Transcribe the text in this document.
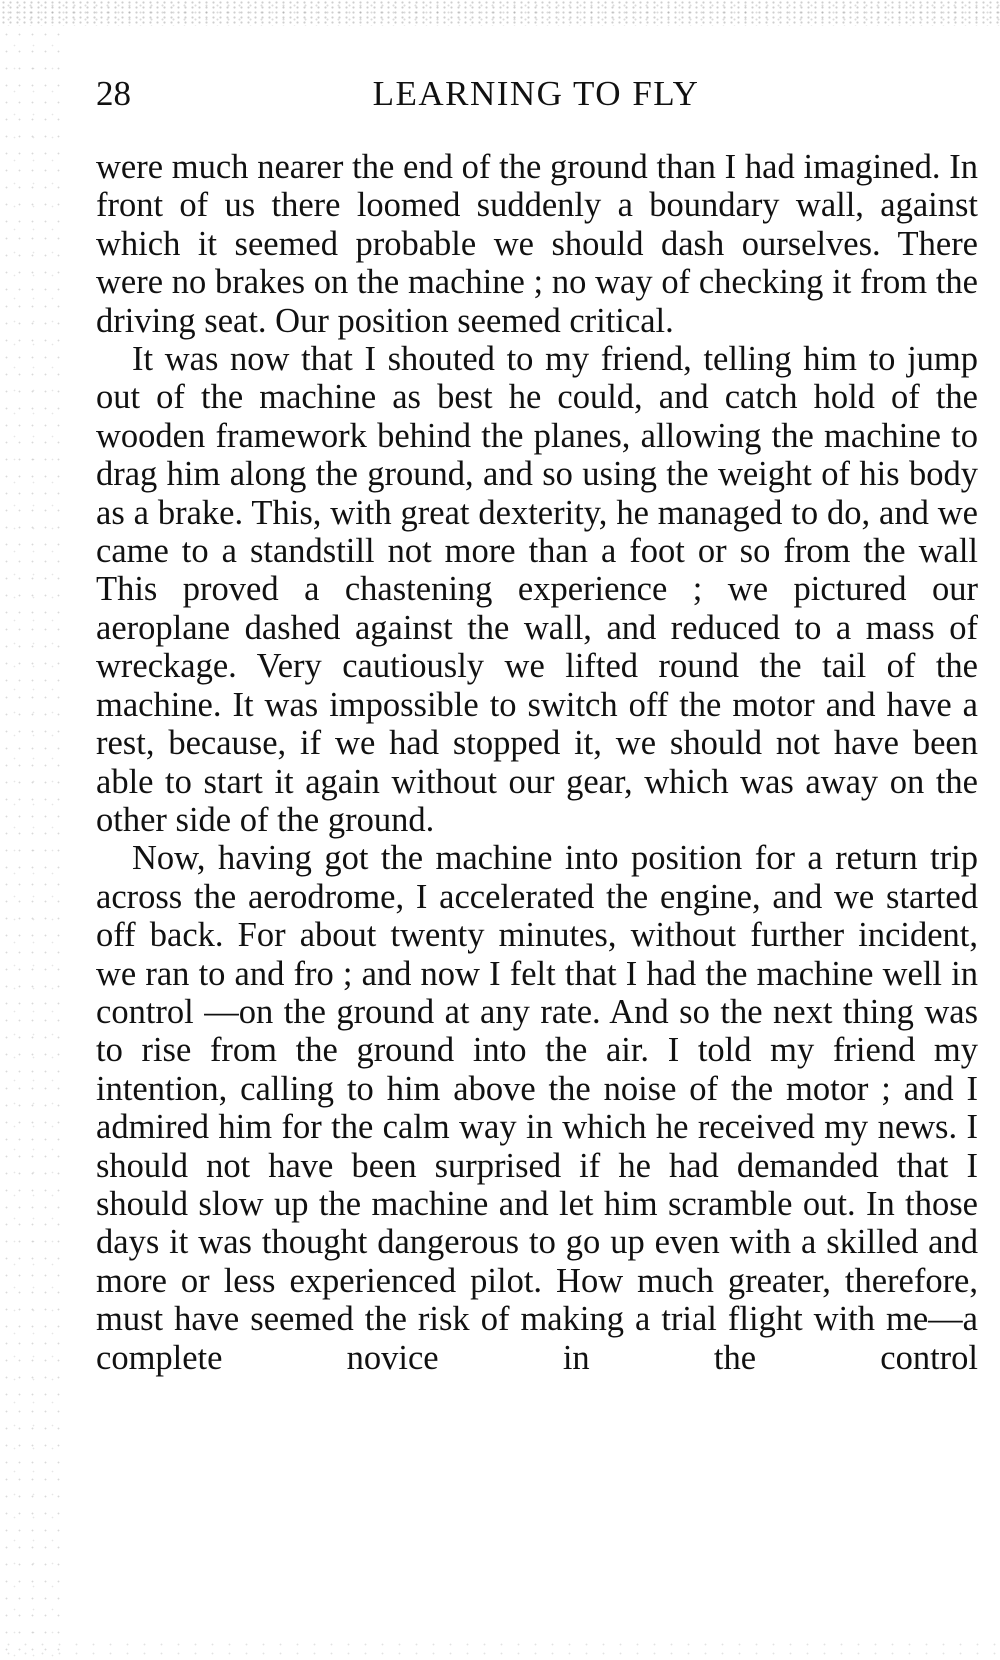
28	LEARNING TO FLY

were much nearer the end of the ground than I had imagined. In front of us there loomed suddenly a boundary wall, against which it seemed probable we should dash ourselves. There were no brakes on the machine ; no way of checking it from the driving seat. Our position seemed critical.

It was now that I shouted to my friend, telling him to jump out of the machine as best he could, and catch hold of the wooden framework behind the planes, allowing the machine to drag him along the ground, and so using the weight of his body as a brake. This, with great dexterity, he managed to do, and we came to a standstill not more than a foot or so from the wall This proved a chastening experience ; we pictured our aeroplane dashed against the wall, and reduced to a mass of wreckage. Very cautiously we lifted round the tail of the machine. It was impossible to switch off the motor and have a rest, because, if we had stopped it, we should not have been able to start it again without our gear, which was away on the other side of the ground.

Now, having got the machine into position for a return trip across the aerodrome, I accelerated the engine, and we started off back. For about twenty minutes, without further incident, we ran to and fro ; and now I felt that I had the machine well in control —on the ground at any rate. And so the next thing was to rise from the ground into the air. I told my friend my intention, calling to him above the noise of the motor ; and I admired him for the calm way in which he received my news. I should not have been surprised if he had demanded that I should slow up the machine and let him scramble out. In those days it was thought dangerous to go up even with a skilled and more or less experienced pilot. How much greater, therefore, must have seemed the risk of making a trial flight with me—a complete novice in the control
